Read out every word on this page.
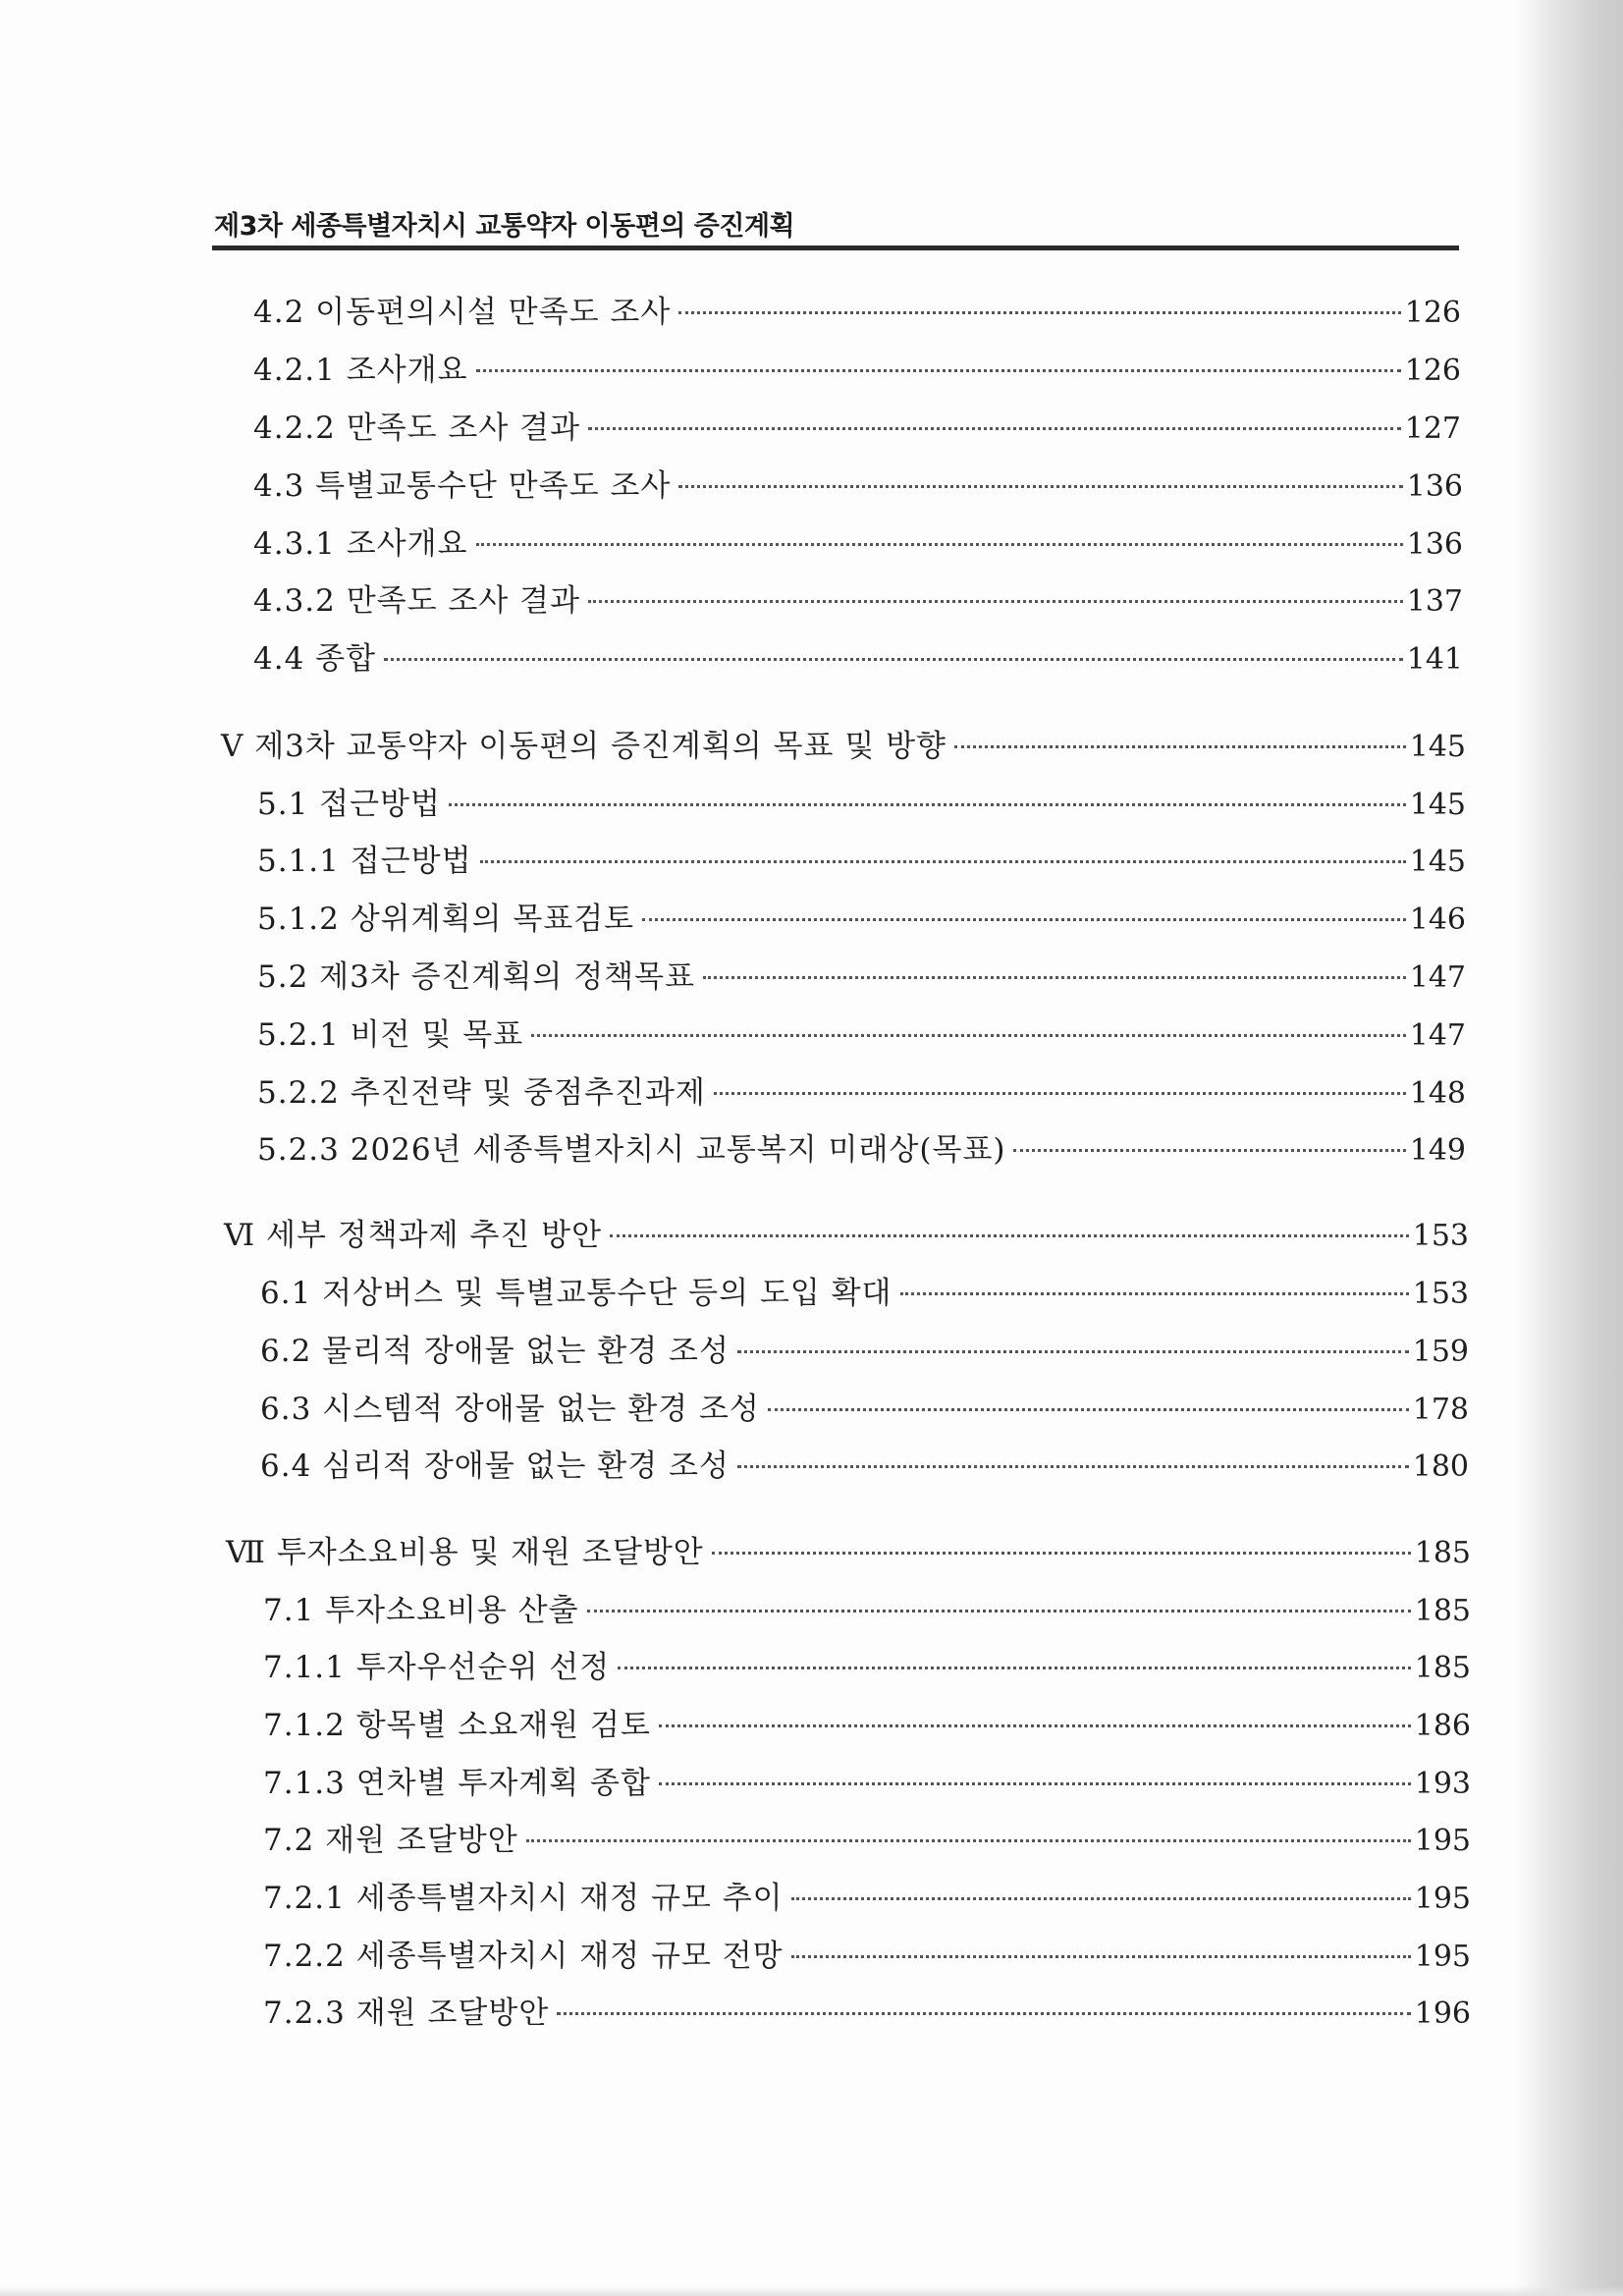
제3차 세종특별자치시 교통약자 이동편의 증진계획
4.2 이동편의시설 만족도 조사	126
4.2.1 조사개요	126
4.2.2 만족도 조사 결과	127
4.3 특별교통수단 만족도 조사	136
4.3.1 조사개요	136
4.3.2 만족도 조사 결과	137
4.4 종합	141
Ⅴ 제3차 교통약자 이동편의 증진계획의 목표 및 방향	145
5.1 접근방법	145
5.1.1 접근방법	145
5.1.2 상위계획의 목표검토	146
5.2 제3차 증진계획의 정책목표	147
5.2.1 비전 및 목표	147
5.2.2 추진전략 및 중점추진과제	148
5.2.3 2026년 세종특별자치시 교통복지 미래상(목표)	149
Ⅵ 세부 정책과제 추진 방안	153
6.1 저상버스 및 특별교통수단 등의 도입 확대	153
6.2 물리적 장애물 없는 환경 조성	159
6.3 시스템적 장애물 없는 환경 조성	178
6.4 심리적 장애물 없는 환경 조성	180
Ⅶ 투자소요비용 및 재원 조달방안	185
7.1 투자소요비용 산출	185
7.1.1 투자우선순위 선정	185
7.1.2 항목별 소요재원 검토	186
7.1.3 연차별 투자계획 종합	193
7.2 재원 조달방안	195
7.2.1 세종특별자치시 재정 규모 추이	195
7.2.2 세종특별자치시 재정 규모 전망	195
7.2.3 재원 조달방안	196
